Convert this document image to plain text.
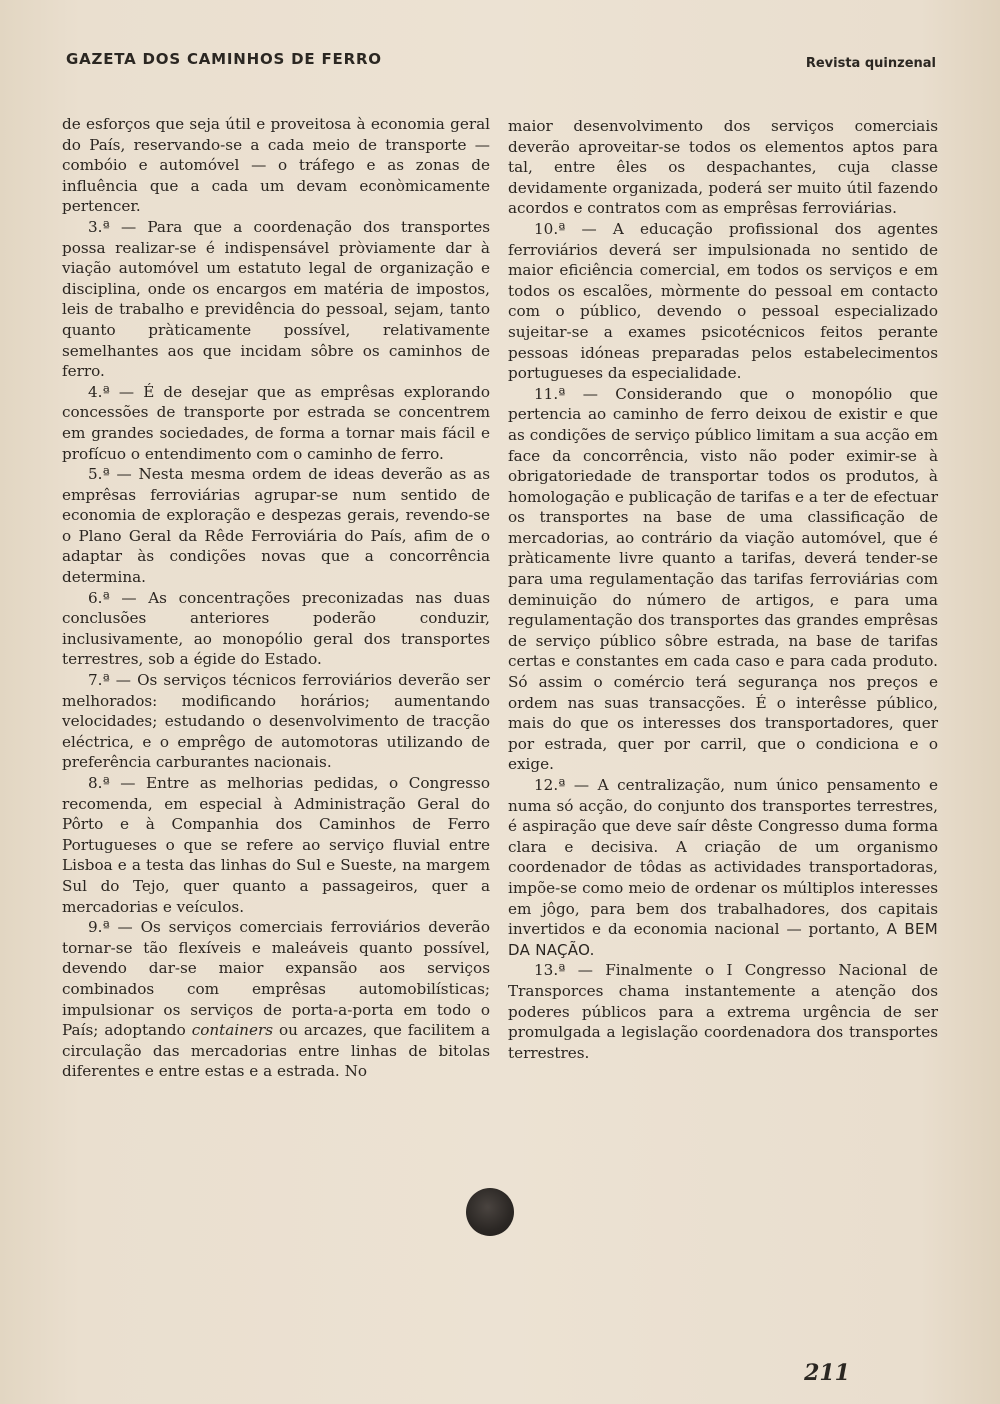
GAZETA DOS CAMINHOS DE FERRO	Revista quinzenal

de esforços que seja útil e proveitosa à economia geral do País, reservando-se a cada meio de transporte — combóio e automóvel — o tráfego e as zonas de influência que a cada um devam econòmicamente pertencer.

3.ª — Para que a coordenação dos transportes possa realizar-se é indispensável pròviamente dar à viação automóvel um estatuto legal de organização e disciplina, onde os encargos em matéria de impostos, leis de trabalho e previdência do pessoal, sejam, tanto quanto pràticamente possível, relativamente semelhantes aos que incidam sôbre os caminhos de ferro.

4.ª — É de desejar que as emprêsas explorando concessões de transporte por estrada se concentrem em grandes sociedades, de forma a tornar mais fácil e profícuo o entendimento com o caminho de ferro.

5.ª — Nesta mesma ordem de ideas deverão as as emprêsas ferroviárias agrupar-se num sentido de economia de exploração e despezas gerais, revendo-se o Plano Geral da Rêde Ferroviária do País, afim de o adaptar às condições novas que a concorrência determina.

6.ª — As concentrações preconizadas nas duas conclusões anteriores poderão conduzir, inclusivamente, ao monopólio geral dos transportes terrestres, sob a égide do Estado.

7.ª — Os serviços técnicos ferroviários deverão ser melhorados: modificando horários; aumentando velocidades; estudando o desenvolvimento de tracção eléctrica, e o emprêgo de automotoras utilizando de preferência carburantes nacionais.

8.ª — Entre as melhorias pedidas, o Congresso recomenda, em especial à Administração Geral do Pôrto e à Companhia dos Caminhos de Ferro Portugueses o que se refere ao serviço fluvial entre Lisboa e a testa das linhas do Sul e Sueste, na margem Sul do Tejo, quer quanto a passageiros, quer a mercadorias e veículos.

9.ª — Os serviços comerciais ferroviários deverão tornar-se tão flexíveis e maleáveis quanto possível, devendo dar-se maior expansão aos serviços combinados com emprêsas automobilísticas; impulsionar os serviços de porta-a-porta em todo o País; adoptando containers ou arcazes, que facilitem a circulação das mercadorias entre linhas de bitolas diferentes e entre estas e a estrada. No

maior desenvolvimento dos serviços comerciais deverão aproveitar-se todos os elementos aptos para tal, entre êles os despachantes, cuja classe devidamente organizada, poderá ser muito útil fazendo acordos e contratos com as emprêsas ferroviárias.

10.ª — A educação profissional dos agentes ferroviários deverá ser impulsionada no sentido de maior eficiência comercial, em todos os serviços e em todos os escalões, mòrmente do pessoal em contacto com o público, devendo o pessoal especializado sujeitar-se a exames psicotécnicos feitos perante pessoas idóneas preparadas pelos estabelecimentos portugueses da especialidade.

11.ª — Considerando que o monopólio que pertencia ao caminho de ferro deixou de existir e que as condições de serviço público limitam a sua acção em face da concorrência, visto não poder eximir-se à obrigatoriedade de transportar todos os produtos, à homologação e publicação de tarifas e a ter de efectuar os transportes na base de uma classificação de mercadorias, ao contrário da viação automóvel, que é pràticamente livre quanto a tarifas, deverá tender-se para uma regulamentação das tarifas ferroviárias com deminuição do número de artigos, e para uma regulamentação dos transportes das grandes emprêsas de serviço público sôbre estrada, na base de tarifas certas e constantes em cada caso e para cada produto. Só assim o comércio terá segurança nos preços e ordem nas suas transacções. É o interêsse público, mais do que os interesses dos transportadores, quer por estrada, quer por carril, que o condiciona e o exige.

12.ª — A centralização, num único pensamento e numa só acção, do conjunto dos transportes terrestres, é aspiração que deve saír dêste Congresso duma forma clara e decisiva. A criação de um organismo coordenador de tôdas as actividades transportadoras, impõe-se como meio de ordenar os múltiplos interesses em jôgo, para bem dos trabalhadores, dos capitais invertidos e da economia nacional — portanto, A BEM DA NAÇÃO.

13.ª — Finalmente o I Congresso Nacional de Transporces chama instantemente a atenção dos poderes públicos para a extrema urgência de ser promulgada a legislação coordenadora dos transportes terrestres.

211
